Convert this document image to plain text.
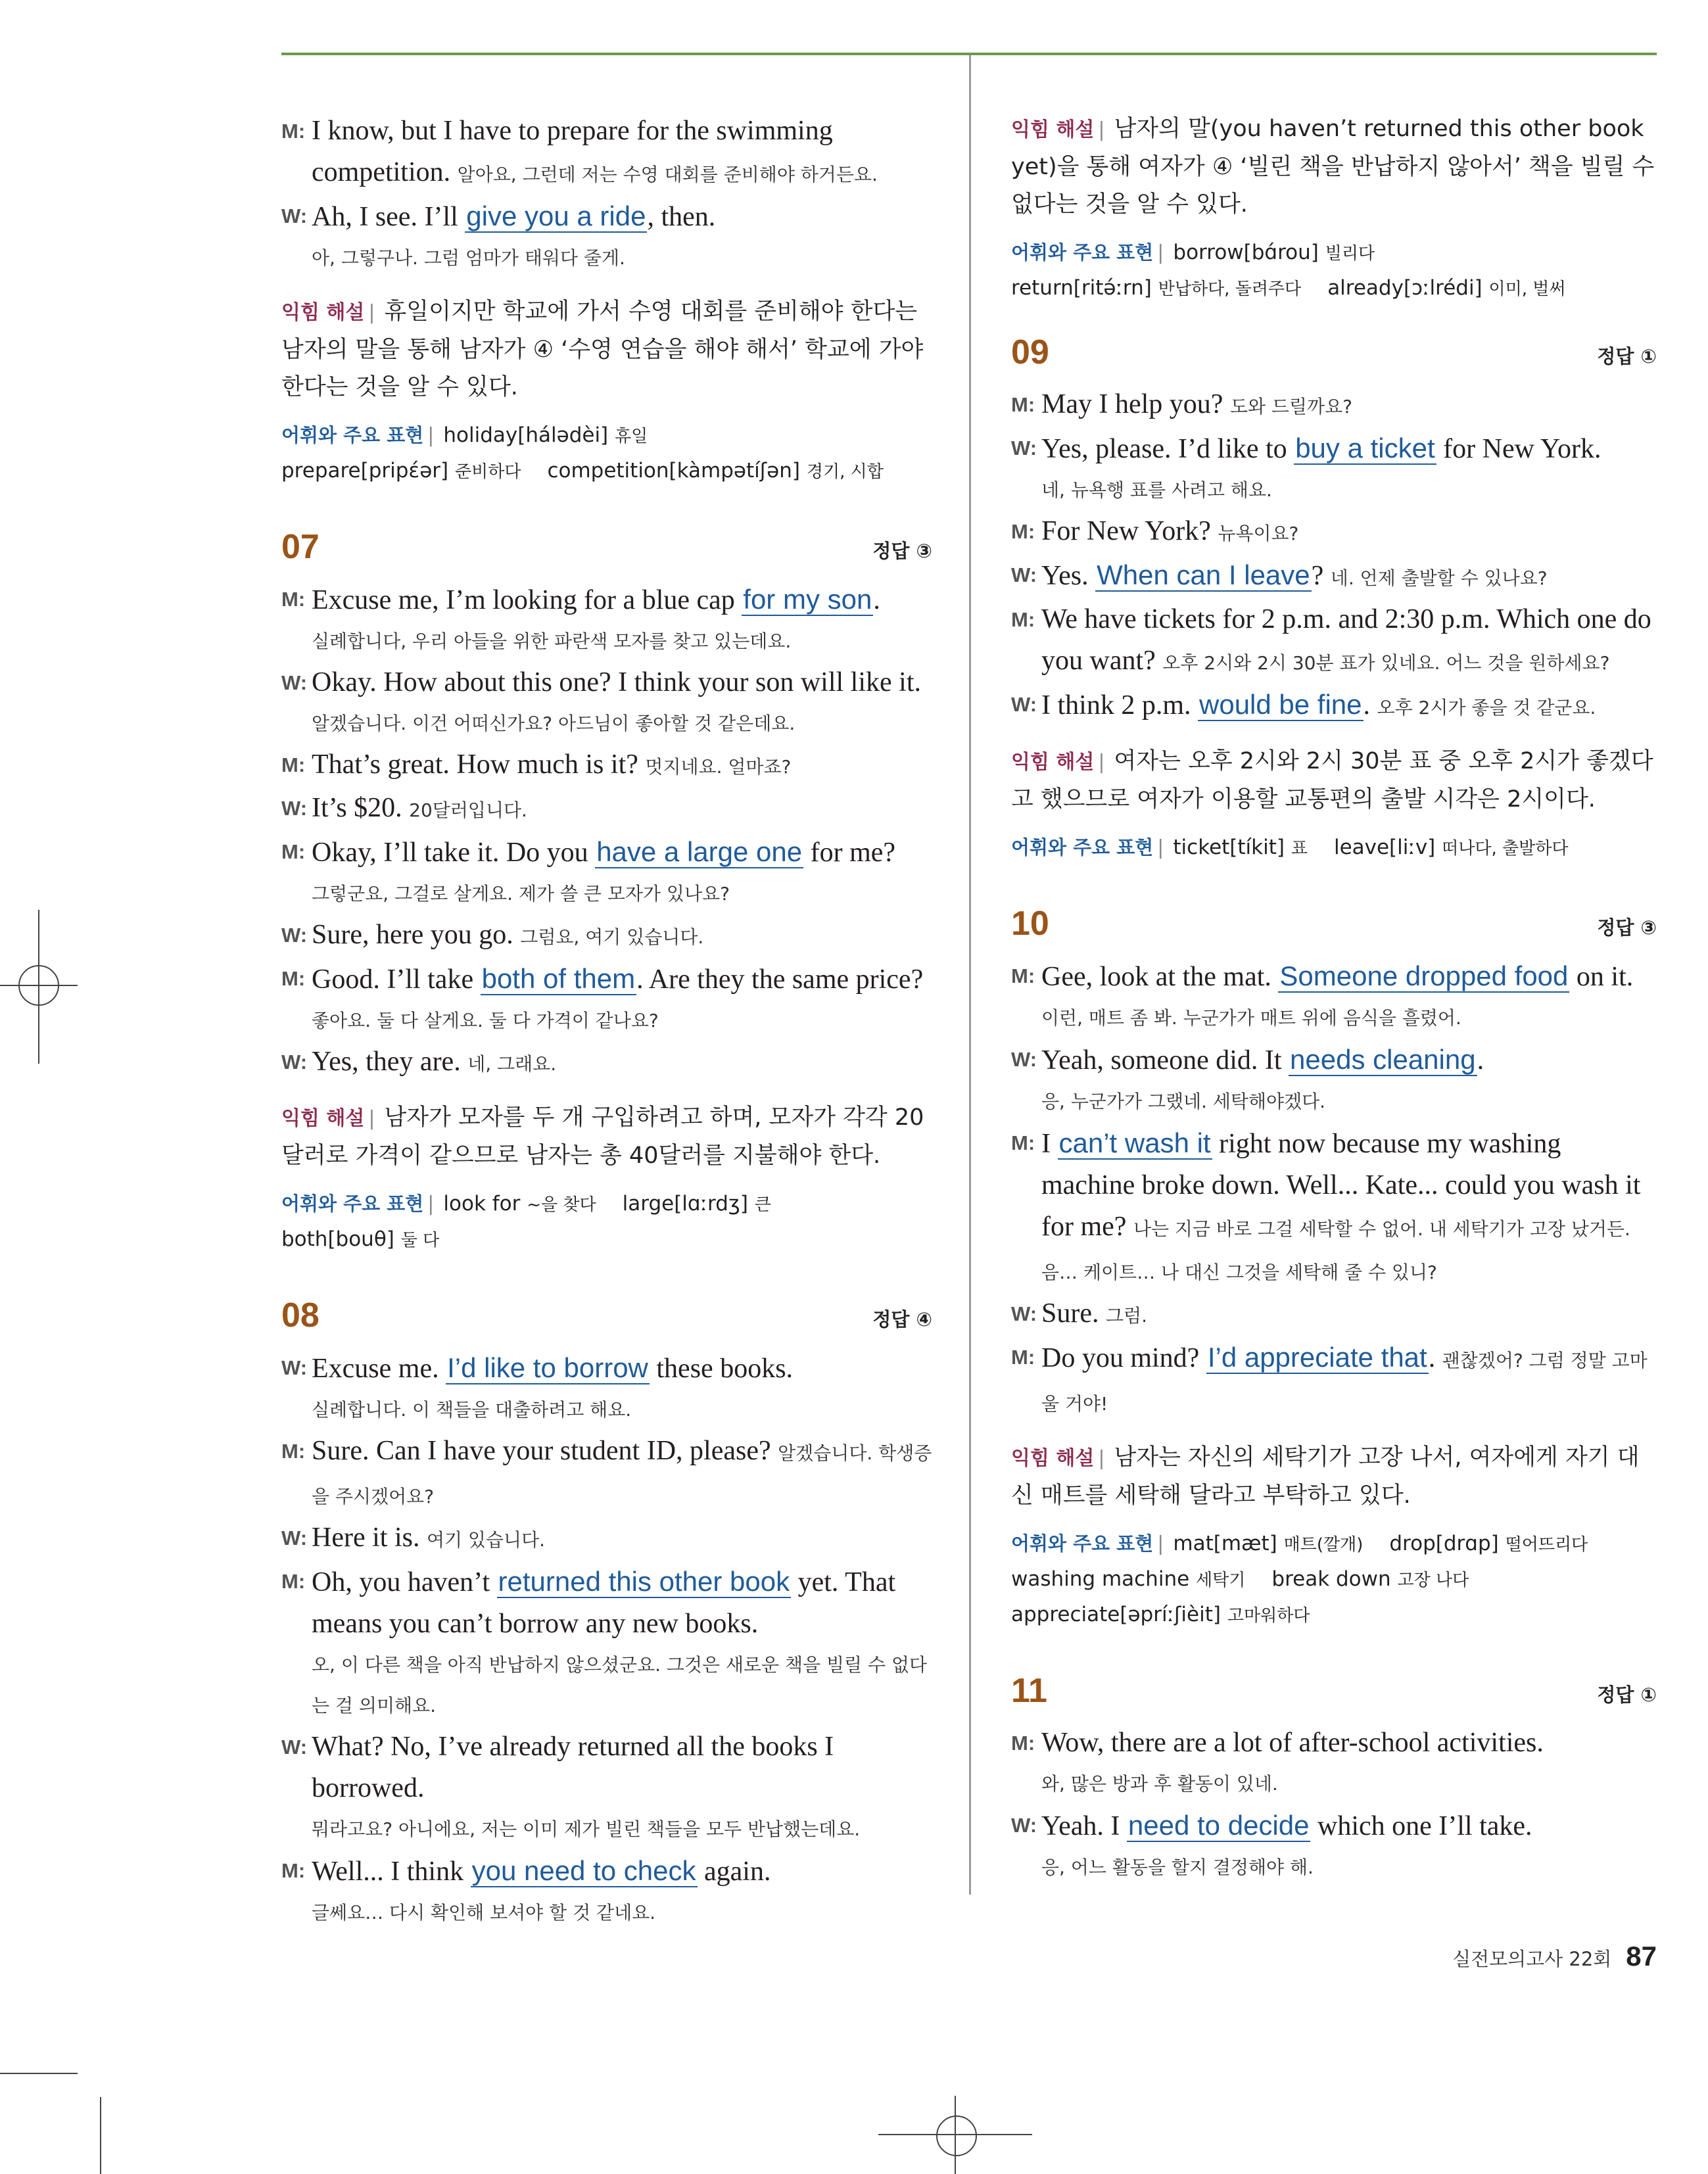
M: I know, but I have to prepare for the swimming competition. 알아요, 그런데 저는 수영 대회를 준비해야 하거든요.

W: Ah, I see. I’ll give you a ride, then.

아, 그렇구나. 그럼 엄마가 태워다 줄게.

익힘 해설 | 휴일이지만 학교에 가서 수영 대회를 준비해야 한다는 남자의 말을 통해 남자가 ④ ‘수영 연습을 해야 해서’ 학교에 가야 한다는 것을 알 수 있다.

어휘와 주요 표현 | holiday[hálədèi] 휴일prepare[pripɛ́ər] 준비하다 competition[kàmpətíʃən] 경기, 시합

07	정답 ③

M: Excuse me, I’m looking for a blue cap for my son.

실례합니다, 우리 아들을 위한 파란색 모자를 찾고 있는데요.

W: Okay. How about this one? I think your son will like it.

알겠습니다. 이건 어떠신가요? 아드님이 좋아할 것 같은데요.

M: That’s great. How much is it? 멋지네요. 얼마죠?

W: It’s $20. 20달러입니다.

M: Okay, I’ll take it. Do you have a large one for me?

그렇군요, 그걸로 살게요. 제가 쓸 큰 모자가 있나요?

W: Sure, here you go. 그럼요, 여기 있습니다.

M: Good. I’ll take both of them. Are they the same price?

좋아요. 둘 다 살게요. 둘 다 가격이 같나요?

W: Yes, they are. 네, 그래요.

익힘 해설 | 남자가 모자를 두 개 구입하려고 하며, 모자가 각각 20달러로 가격이 같으므로 남자는 총 40달러를 지불해야 한다.

어휘와 주요 표현 | look for ~을 찾다 large[lɑːrdʒ] 큰both[bouθ] 둘 다

08	정답 ④

W: Excuse me. I’d like to borrow these books.

실례합니다. 이 책들을 대출하려고 해요.

M: Sure. Can I have your student ID, please? 알겠습니다. 학생증을 주시겠어요?

W: Here it is. 여기 있습니다.

M: Oh, you haven’t returned this other book yet. That means you can’t borrow any new books.

오, 이 다른 책을 아직 반납하지 않으셨군요. 그것은 새로운 책을 빌릴 수 없다는 걸 의미해요.

W: What? No, I’ve already returned all the books I borrowed.

뭐라고요? 아니에요, 저는 이미 제가 빌린 책들을 모두 반납했는데요.

M: Well... I think you need to check again.

글쎄요… 다시 확인해 보셔야 할 것 같네요.

익힘 해설 | 남자의 말(you haven’t returned this other book yet)을 통해 여자가 ④ ‘빌린 책을 반납하지 않아서’ 책을 빌릴 수 없다는 것을 알 수 있다.

어휘와 주요 표현 | borrow[bɑ́rou] 빌리다return[ritə́ːrn] 반납하다, 돌려주다 already[ɔːlrédi] 이미, 벌써

09	정답 ①

M: May I help you? 도와 드릴까요?

W: Yes, please. I’d like to buy a ticket for New York.

네, 뉴욕행 표를 사려고 해요.

M: For New York? 뉴욕이요?

W: Yes. When can I leave? 네. 언제 출발할 수 있나요?

M: We have tickets for 2 p.m. and 2:30 p.m. Which one do you want? 오후 2시와 2시 30분 표가 있네요. 어느 것을 원하세요?

W: I think 2 p.m. would be fine. 오후 2시가 좋을 것 같군요.

익힘 해설 | 여자는 오후 2시와 2시 30분 표 중 오후 2시가 좋겠다고 했으므로 여자가 이용할 교통편의 출발 시각은 2시이다.

어휘와 주요 표현 | ticket[tíkit] 표 leave[liːv] 떠나다, 출발하다

10	정답 ③

M: Gee, look at the mat. Someone dropped food on it.

이런, 매트 좀 봐. 누군가가 매트 위에 음식을 흘렸어.

W: Yeah, someone did. It needs cleaning.

응, 누군가가 그랬네. 세탁해야겠다.

M: I can’t wash it right now because my washing machine broke down. Well... Kate... could you wash it for me? 나는 지금 바로 그걸 세탁할 수 없어. 내 세탁기가 고장 났거든. 음… 케이트… 나 대신 그것을 세탁해 줄 수 있니?

W: Sure. 그럼.

M: Do you mind? I’d appreciate that. 괜찮겠어? 그럼 정말 고마울 거야!

익힘 해설 | 남자는 자신의 세탁기가 고장 나서, 여자에게 자기 대신 매트를 세탁해 달라고 부탁하고 있다.

어휘와 주요 표현 | mat[mæt] 매트(깔개) drop[drɑp] 떨어뜨리다washing machine 세탁기 break down 고장 나다appreciate[əpríːʃièit] 고마워하다

11	정답 ①

M: Wow, there are a lot of after-school activities.

와, 많은 방과 후 활동이 있네.

W: Yeah. I need to decide which one I’ll take.

응, 어느 활동을 할지 결정해야 해.

실전모의고사 22회 87
